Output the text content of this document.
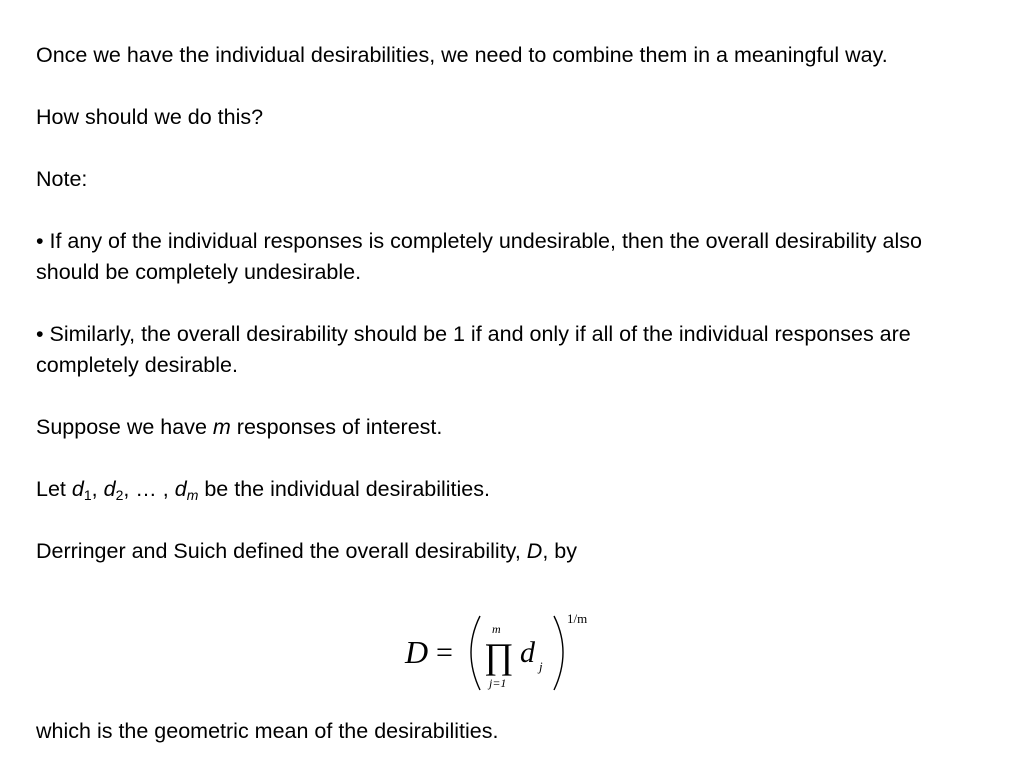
Once we have the individual desirabilities, we need to combine them in a meaningful way.

How should we do this?

Note:

• If any of the individual responses is completely undesirable, then the overall desirability also should be completely undesirable.

• Similarly, the overall desirability should be 1 if and only if all of the individual responses are completely desirable.

Suppose we have m responses of interest.

Let $d_1$, $d_2$, … , $d_m$ be the individual desirabilities.

Derringer and Suich defined the overall desirability, D, by

D =
m
∏
j=1
d j
1/m
which is the geometric mean of the desirabilities.
